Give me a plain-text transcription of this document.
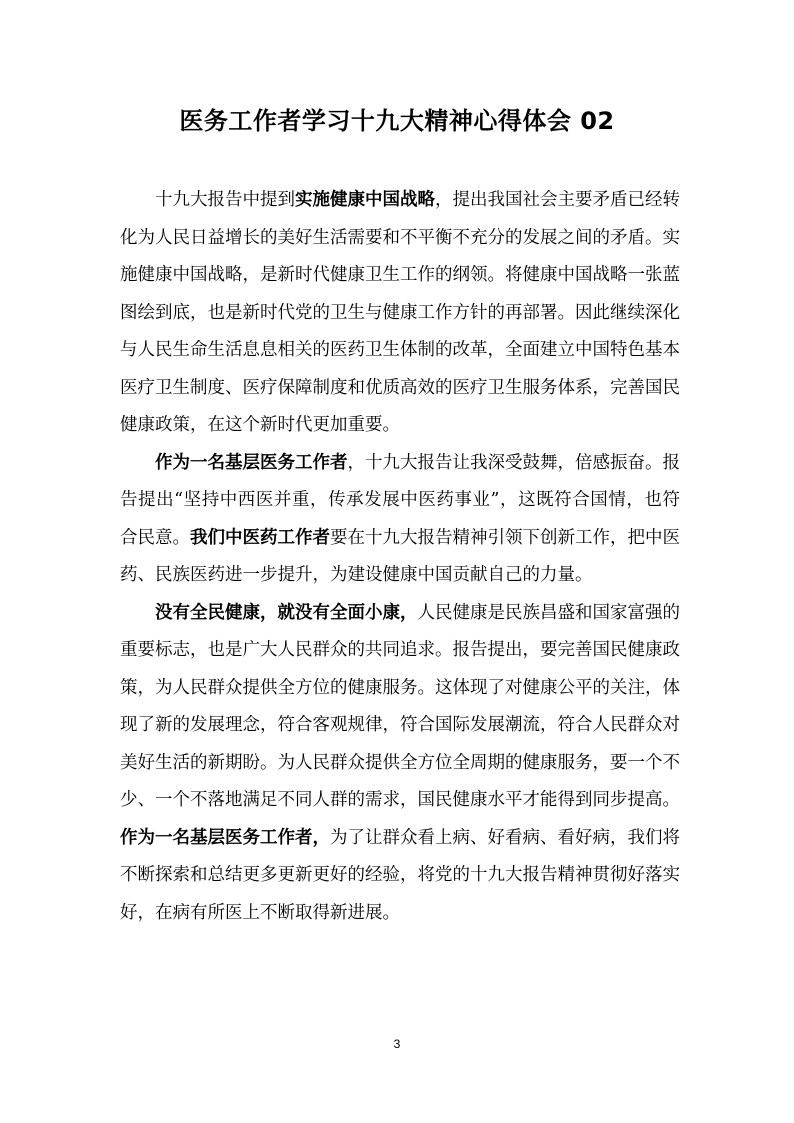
医务工作者学习十九大精神心得体会 02

十九大报告中提到实施健康中国战略，提出我国社会主要矛盾已经转化为人民日益增长的美好生活需要和不平衡不充分的发展之间的矛盾。实施健康中国战略，是新时代健康卫生工作的纲领。将健康中国战略一张蓝图绘到底，也是新时代党的卫生与健康工作方针的再部署。因此继续深化与人民生命生活息息相关的医药卫生体制的改革，全面建立中国特色基本医疗卫生制度、医疗保障制度和优质高效的医疗卫生服务体系，完善国民健康政策，在这个新时代更加重要。

作为一名基层医务工作者，十九大报告让我深受鼓舞，倍感振奋。报告提出“坚持中西医并重，传承发展中医药事业”，这既符合国情，也符合民意。我们中医药工作者要在十九大报告精神引领下创新工作，把中医药、民族医药进一步提升，为建设健康中国贡献自己的力量。

没有全民健康，就没有全面小康，人民健康是民族昌盛和国家富强的重要标志，也是广大人民群众的共同追求。报告提出，要完善国民健康政策，为人民群众提供全方位的健康服务。这体现了对健康公平的关注，体现了新的发展理念，符合客观规律，符合国际发展潮流，符合人民群众对美好生活的新期盼。为人民群众提供全方位全周期的健康服务，要一个不少、一个不落地满足不同人群的需求，国民健康水平才能得到同步提高。作为一名基层医务工作者，为了让群众看上病、好看病、看好病，我们将不断探索和总结更多更新更好的经验，将党的十九大报告精神贯彻好落实好，在病有所医上不断取得新进展。

3
